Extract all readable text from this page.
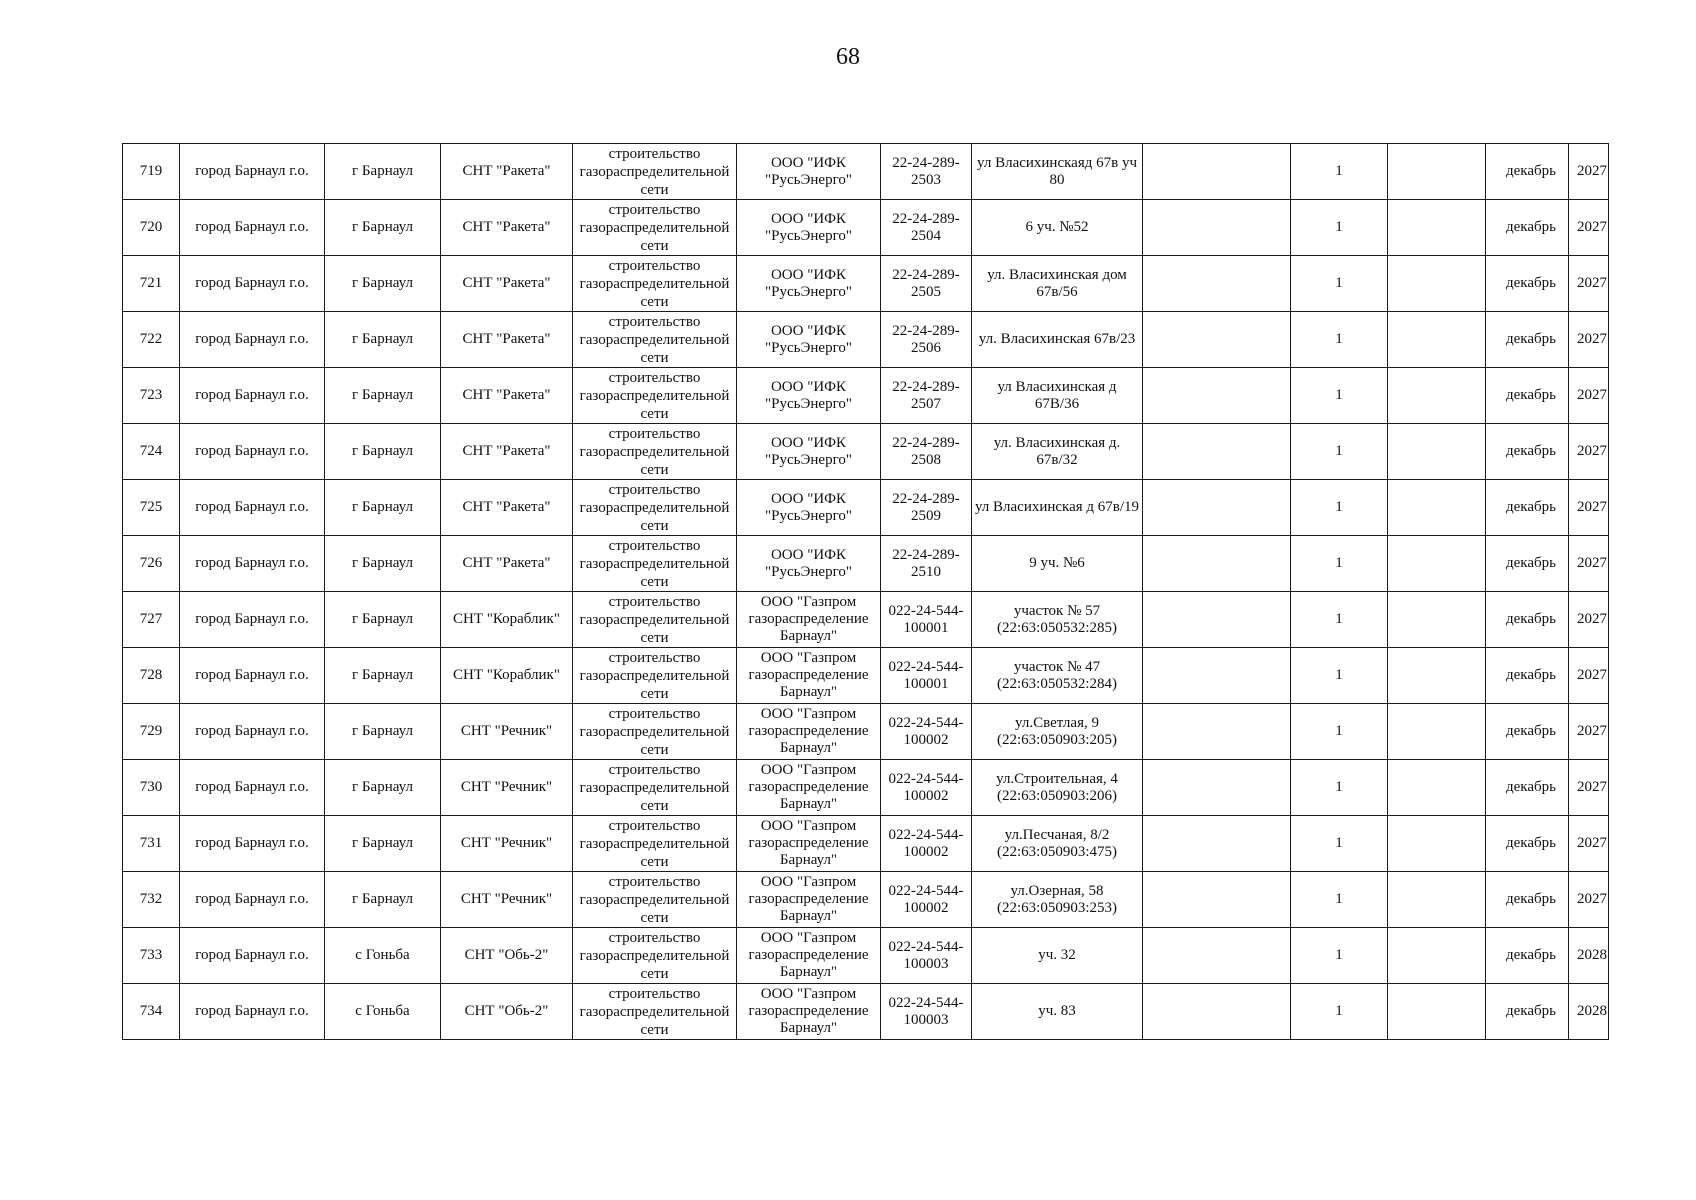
68
719	город Барнаул г.о.	г Барнаул	СНТ "Ракета"	строительство газораспределительной сети	ООО "ИФК "РусьЭнерго"	22-24-289-2503	ул Власихинскаяд 67в уч 80		1		декабрь	2027
720	город Барнаул г.о.	г Барнаул	СНТ "Ракета"	строительство газораспределительной сети	ООО "ИФК "РусьЭнерго"	22-24-289-2504	6 уч. №52		1		декабрь	2027
721	город Барнаул г.о.	г Барнаул	СНТ "Ракета"	строительство газораспределительной сети	ООО "ИФК "РусьЭнерго"	22-24-289-2505	ул. Власихинская дом 67в/56		1		декабрь	2027
722	город Барнаул г.о.	г Барнаул	СНТ "Ракета"	строительство газораспределительной сети	ООО "ИФК "РусьЭнерго"	22-24-289-2506	ул. Власихинская 67в/23		1		декабрь	2027
723	город Барнаул г.о.	г Барнаул	СНТ "Ракета"	строительство газораспределительной сети	ООО "ИФК "РусьЭнерго"	22-24-289-2507	ул Власихинская д 67В/36		1		декабрь	2027
724	город Барнаул г.о.	г Барнаул	СНТ "Ракета"	строительство газораспределительной сети	ООО "ИФК "РусьЭнерго"	22-24-289-2508	ул. Власихинская д. 67в/32		1		декабрь	2027
725	город Барнаул г.о.	г Барнаул	СНТ "Ракета"	строительство газораспределительной сети	ООО "ИФК "РусьЭнерго"	22-24-289-2509	ул Власихинская д 67в/19		1		декабрь	2027
726	город Барнаул г.о.	г Барнаул	СНТ "Ракета"	строительство газораспределительной сети	ООО "ИФК "РусьЭнерго"	22-24-289-2510	9 уч. №6		1		декабрь	2027
727	город Барнаул г.о.	г Барнаул	СНТ "Кораблик"	строительство газораспределительной сети	ООО "Газпром газораспределение Барнаул"	022-24-544-100001	участок № 57 (22:63:050532:285)		1		декабрь	2027
728	город Барнаул г.о.	г Барнаул	СНТ "Кораблик"	строительство газораспределительной сети	ООО "Газпром газораспределение Барнаул"	022-24-544-100001	участок № 47 (22:63:050532:284)		1		декабрь	2027
729	город Барнаул г.о.	г Барнаул	СНТ "Речник"	строительство газораспределительной сети	ООО "Газпром газораспределение Барнаул"	022-24-544-100002	ул.Светлая, 9 (22:63:050903:205)		1		декабрь	2027
730	город Барнаул г.о.	г Барнаул	СНТ "Речник"	строительство газораспределительной сети	ООО "Газпром газораспределение Барнаул"	022-24-544-100002	ул.Строительная, 4 (22:63:050903:206)		1		декабрь	2027
731	город Барнаул г.о.	г Барнаул	СНТ "Речник"	строительство газораспределительной сети	ООО "Газпром газораспределение Барнаул"	022-24-544-100002	ул.Песчаная, 8/2 (22:63:050903:475)		1		декабрь	2027
732	город Барнаул г.о.	г Барнаул	СНТ "Речник"	строительство газораспределительной сети	ООО "Газпром газораспределение Барнаул"	022-24-544-100002	ул.Озерная, 58 (22:63:050903:253)		1		декабрь	2027
733	город Барнаул г.о.	с Гоньба	СНТ "Обь-2"	строительство газораспределительной сети	ООО "Газпром газораспределение Барнаул"	022-24-544-100003	уч. 32		1		декабрь	2028
734	город Барнаул г.о.	с Гоньба	СНТ "Обь-2"	строительство газораспределительной сети	ООО "Газпром газораспределение Барнаул"	022-24-544-100003	уч. 83		1		декабрь	2028
